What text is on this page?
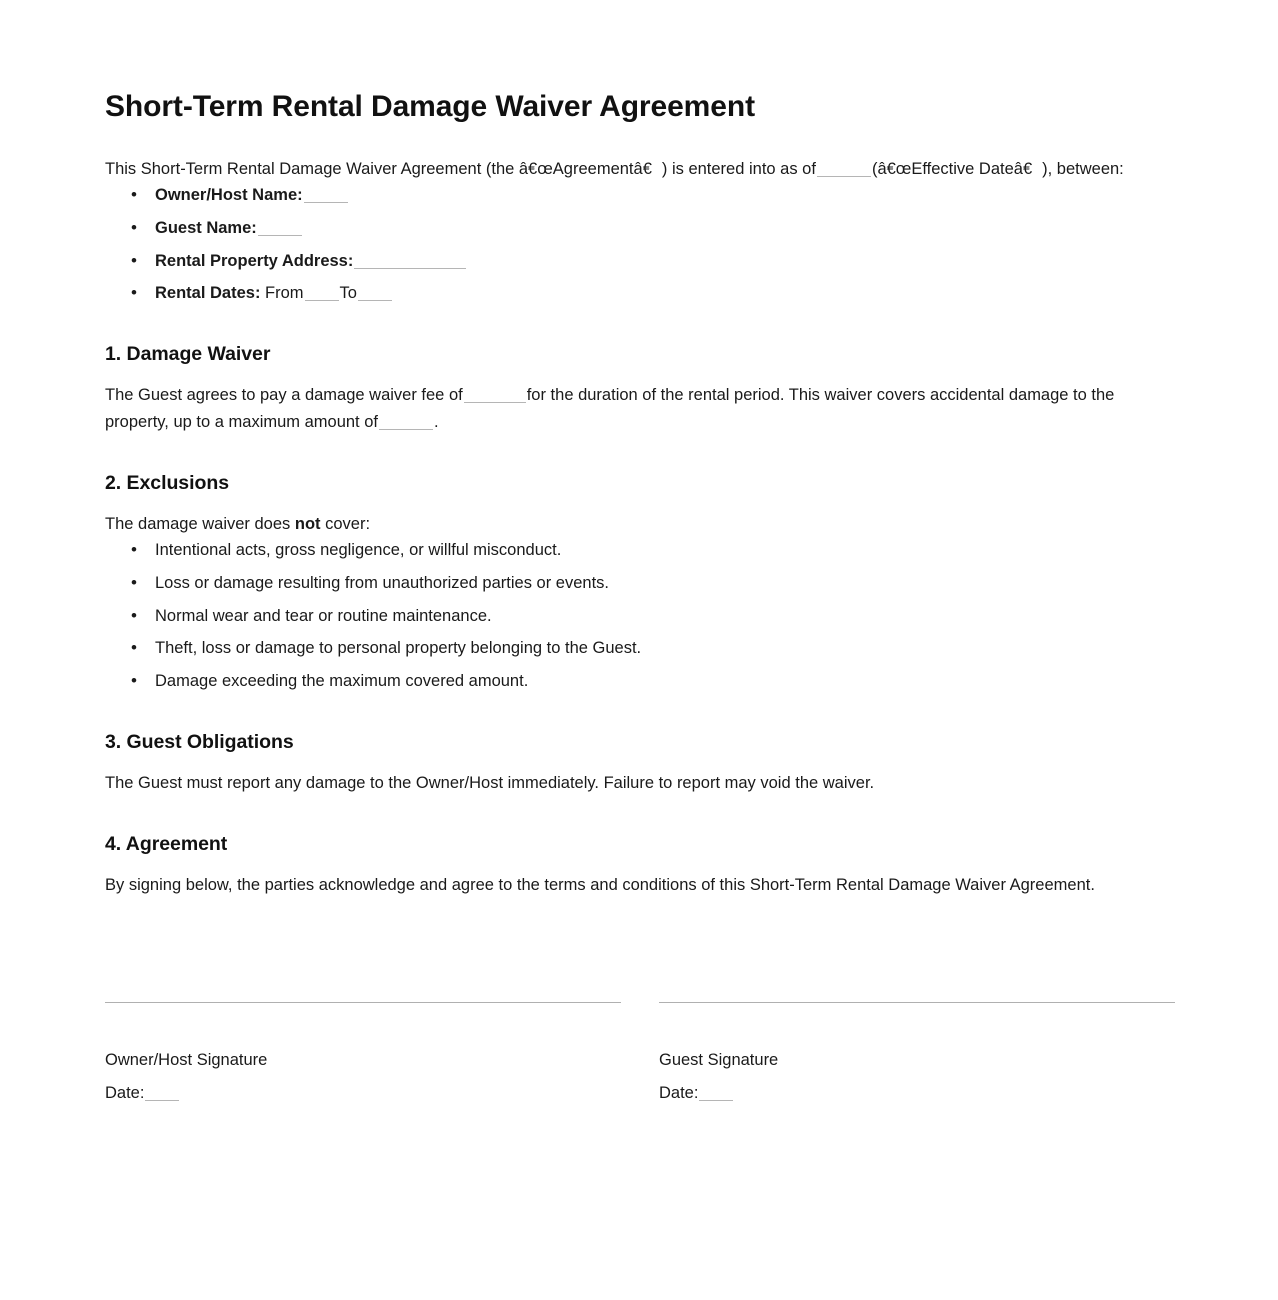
Short-Term Rental Damage Waiver Agreement

This Short-Term Rental Damage Waiver Agreement (the â€œAgreementâ€) is entered into as of	(â€œEffective Dateâ€), between:

• Owner/Host Name:
• Guest Name:
• Rental Property Address:
• Rental Dates: From To
1. Damage Waiver

The Guest agrees to pay a damage waiver fee of	for the duration of the rental period. This waiver covers accidental damage to the property, up to a maximum amount of	.

2. Exclusions

The damage waiver does not cover:

• Intentional acts, gross negligence, or willful misconduct.
• Loss or damage resulting from unauthorized parties or events.
• Normal wear and tear or routine maintenance.
• Theft, loss or damage to personal property belonging to the Guest.
• Damage exceeding the maximum covered amount.
3. Guest Obligations

The Guest must report any damage to the Owner/Host immediately. Failure to report may void the waiver.

4. Agreement

By signing below, the parties acknowledge and agree to the terms and conditions of this Short-Term Rental Damage Waiver Agreement.

Owner/Host Signature
Date:
Guest Signature
Date:
